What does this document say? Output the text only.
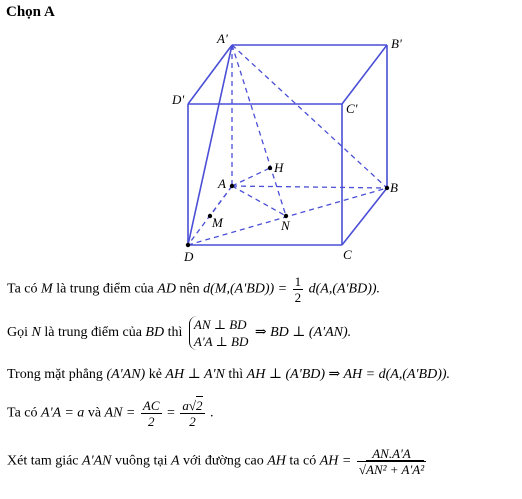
Chọn A
A'	B'
D'
C'
H
A	B
M	N
D	C
Ta có M là trung điểm của AD nên $d(M,(A'BD)) = \frac{1}{2} d(A,(A'BD))$.
Gọi N là trung điểm của BD thì
AN ⊥ BD
A'A ⊥ BD
⇒ BD ⊥ (A'AN).
Trong mặt phẳng (A'AN) kẻ AH ⊥ A'N thì AH ⊥ (A'BD) ⇒ AH = d(A,(A'BD)).
Ta có A'A = a và AN = $\frac{AC}{2} = \frac{a√2}{2}$ .
Xét tam giác A'AN vuông tại A với đường cao AH ta có AH = $\frac{AN.A'A}{\text{√AN² + A'A²}}$
